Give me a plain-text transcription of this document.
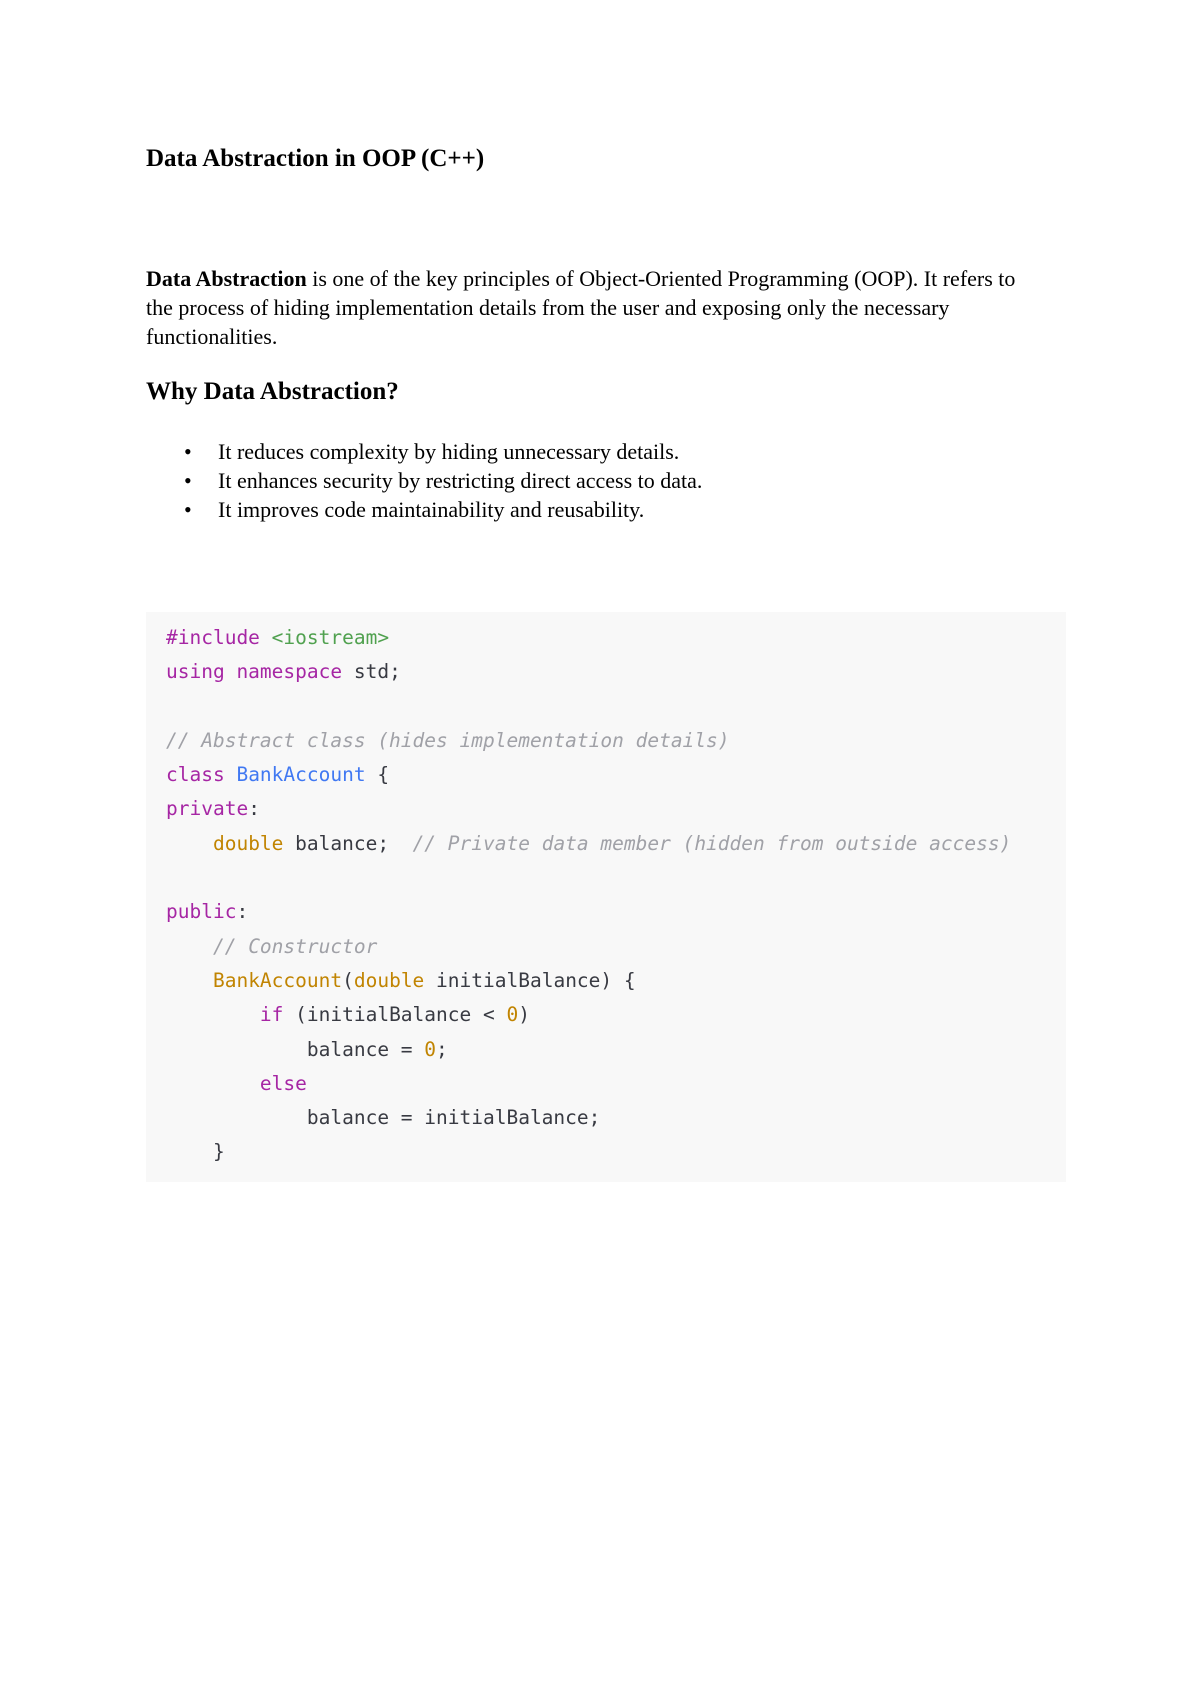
Data Abstraction in OOP (C++)

Data Abstraction is one of the key principles of Object-Oriented Programming (OOP). It refers to the process of hiding implementation details from the user and exposing only the necessary functionalities.

Why Data Abstraction?
• It reduces complexity by hiding unnecessary details.
• It enhances security by restricting direct access to data.
• It improves code maintainability and reusability.
#include <iostream>
using namespace std;

// Abstract class (hides implementation details)
class BankAccount {
private:
double balance;  // Private data member (hidden from outside access)

public:
// Constructor
BankAccount(double initialBalance) {
if (initialBalance < 0)
balance = 0;
else
balance = initialBalance;
}
